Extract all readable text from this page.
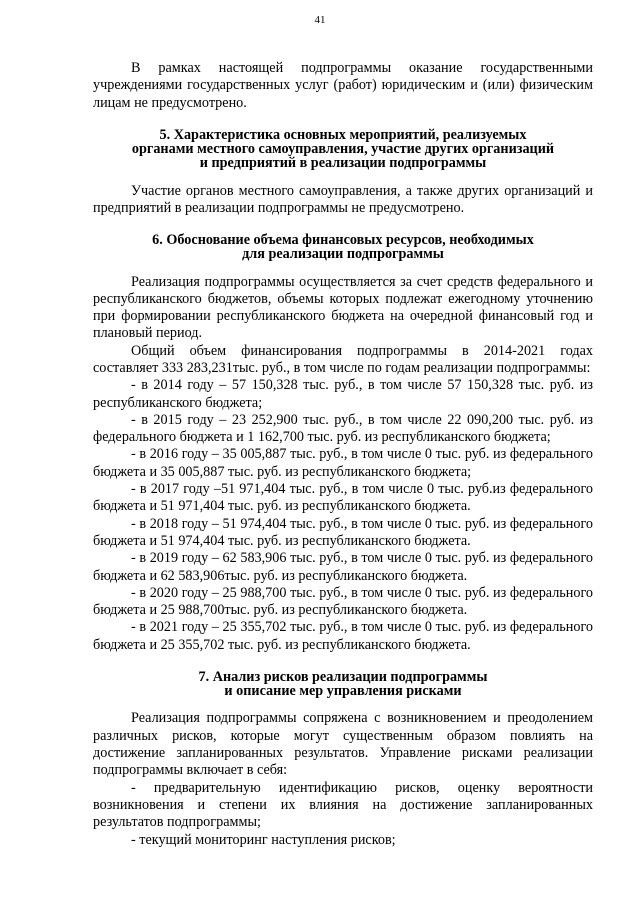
41

В рамках настоящей подпрограммы оказание государственными учреждениями государственных услуг (работ) юридическим и (или) физическим лицам не предусмотрено.

5. Характеристика основных мероприятий, реализуемых

органами местного самоуправления, участие других организаций

и предприятий в реализации подпрограммы

Участие органов местного самоуправления, а также других организаций и предприятий в реализации подпрограммы не предусмотрено.

6. Обоснование объема финансовых ресурсов, необходимых

для реализации подпрограммы

Реализация подпрограммы осуществляется за счет средств федерального и республиканского бюджетов, объемы которых подлежат ежегодному уточнению при формировании республиканского бюджета на очередной финансовый год и плановый период.

Общий объем финансирования подпрограммы в 2014-2021 годах составляет 333 283,231тыс. руб., в том числе по годам реализации подпрограммы:

- в 2014 году – 57 150,328 тыс. руб., в том числе 57 150,328 тыс. руб. из республиканского бюджета;

- в 2015 году – 23 252,900 тыс. руб., в том числе 22 090,200 тыс. руб. из федерального бюджета и 1 162,700 тыс. руб. из республиканского бюджета;

- в 2016 году – 35 005,887 тыс. руб., в том числе 0 тыс. руб. из федерального бюджета и 35 005,887 тыс. руб. из республиканского бюджета;

- в 2017 году –51 971,404 тыс. руб., в том числе 0 тыс. руб.из федерального бюджета и 51 971,404 тыс. руб. из республиканского бюджета.

- в 2018 году – 51 974,404 тыс. руб., в том числе 0 тыс. руб. из федерального бюджета и 51 974,404 тыс. руб. из республиканского бюджета.

- в 2019 году – 62 583,906 тыс. руб., в том числе 0 тыс. руб. из федерального бюджета и 62 583,906тыс. руб. из республиканского бюджета.

- в 2020 году – 25 988,700 тыс. руб., в том числе 0 тыс. руб. из федерального бюджета и 25 988,700тыс. руб. из республиканского бюджета.

- в 2021 году – 25 355,702 тыс. руб., в том числе 0 тыс. руб. из федерального бюджета и 25 355,702 тыс. руб. из республиканского бюджета.

7. Анализ рисков реализации подпрограммы

и описание мер управления рисками

Реализация подпрограммы сопряжена с возникновением и преодолением различных рисков, которые могут существенным образом повлиять на достижение запланированных результатов. Управление рисками реализации подпрограммы включает в себя:

- предварительную идентификацию рисков, оценку вероятности возникновения и степени их влияния на достижение запланированных результатов подпрограммы;

- текущий мониторинг наступления рисков;
